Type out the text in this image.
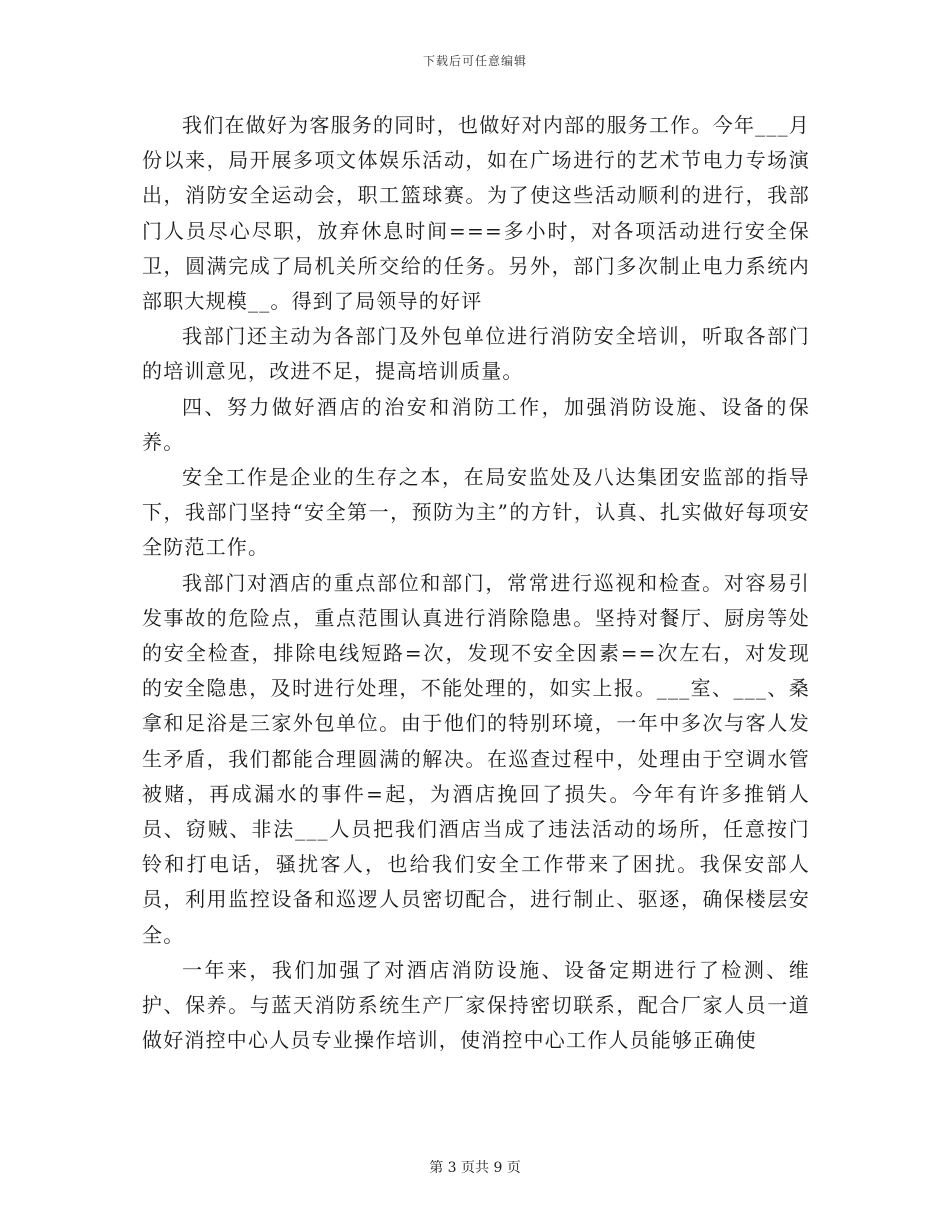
下载后可任意编辑

我们在做好为客服务的同时，也做好对内部的服务工作。今年___月份以来，局开展多项文体娱乐活动，如在广场进行的艺术节电力专场演出，消防安全运动会，职工篮球赛。为了使这些活动顺利的进行，我部门人员尽心尽职，放弃休息时间===多小时，对各项活动进行安全保卫，圆满完成了局机关所交给的任务。另外，部门多次制止电力系统内部职大规模__。得到了局领导的好评

我部门还主动为各部门及外包单位进行消防安全培训，听取各部门的培训意见，改进不足，提高培训质量。

四、努力做好酒店的治安和消防工作，加强消防设施、设备的保养。

安全工作是企业的生存之本，在局安监处及八达集团安监部的指导下，我部门坚持“安全第一，预防为主”的方针，认真、扎实做好每项安全防范工作。

我部门对酒店的重点部位和部门，常常进行巡视和检查。对容易引发事故的危险点，重点范围认真进行消除隐患。坚持对餐厅、厨房等处的安全检查，排除电线短路=次，发现不安全因素==次左右，对发现的安全隐患，及时进行处理，不能处理的，如实上报。___室、___、桑拿和足浴是三家外包单位。由于他们的特别环境，一年中多次与客人发生矛盾，我们都能合理圆满的解决。在巡查过程中，处理由于空调水管被赌，再成漏水的事件=起，为酒店挽回了损失。今年有许多推销人员、窃贼、非法___人员把我们酒店当成了违法活动的场所，任意按门铃和打电话，骚扰客人，也给我们安全工作带来了困扰。我保安部人员，利用监控设备和巡逻人员密切配合，进行制止、驱逐，确保楼层安全。

一年来，我们加强了对酒店消防设施、设备定期进行了检测、维护、保养。与蓝天消防系统生产厂家保持密切联系，配合厂家人员一道做好消控中心人员专业操作培训，使消控中心工作人员能够正确使

第 3 页共 9 页
